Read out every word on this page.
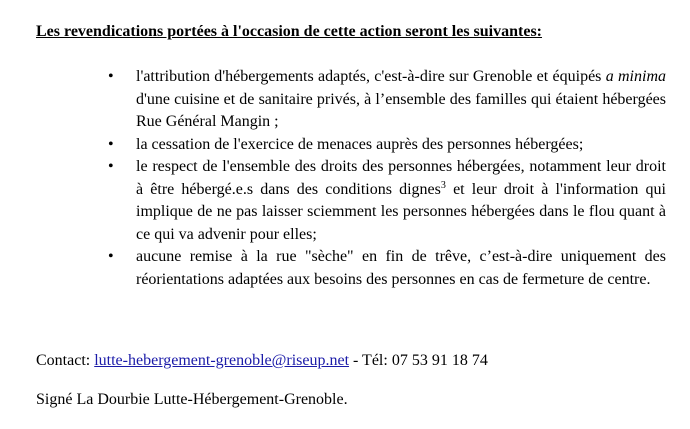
Les revendications portées à l'occasion de cette action seront les suivantes:
• l'attribution d'hébergements adaptés, c'est-à-dire sur Grenoble et équipés a minima d'une cuisine et de sanitaire privés, à l’ensemble des familles qui étaient hébergées Rue Général Mangin ;
• la cessation de l'exercice de menaces auprès des personnes hébergées;
• le respect de l'ensemble des droits des personnes hébergées, notamment leur droit à être hébergé.e.s dans des conditions dignes$^3$ et leur droit à l'information qui implique de ne pas laisser sciemment les personnes hébergées dans le flou quant à ce qui va advenir pour elles;
• aucune remise à la rue "sèche" en fin de trêve, c’est-à-dire uniquement des réorientations adaptées aux besoins des personnes en cas de fermeture de centre.
Contact: lutte-hebergement-grenoble@riseup.net - Tél: 07 53 91 18 74
Signé La Dourbie Lutte-Hébergement-Grenoble.
